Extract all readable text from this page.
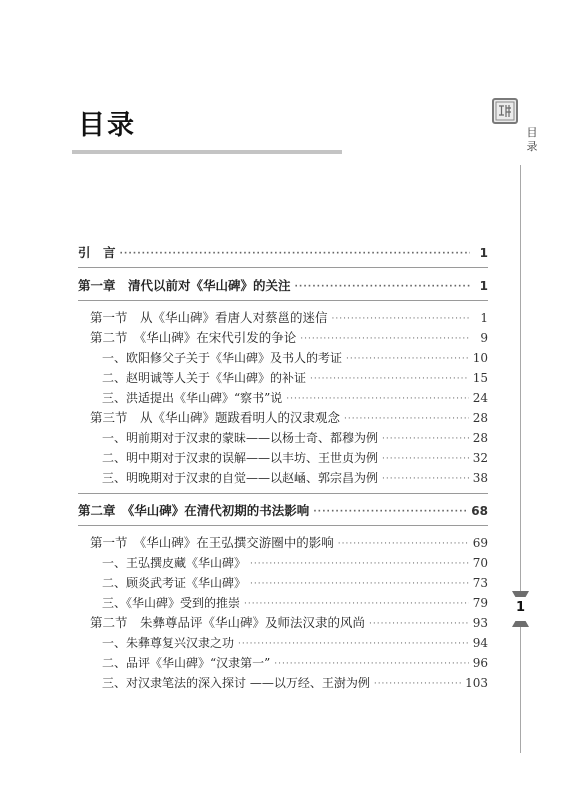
目录	目录
1
引　言 ·····	1
第一章　清代以前对《华山碑》的关注 ·····	1
第一节　从《华山碑》看唐人对蔡邕的迷信 ·····	1
第二节　《华山碑》在宋代引发的争论 ·····	9
一、欧阳修父子关于《华山碑》及书人的考证 ·····	10
二、赵明诚等人关于《华山碑》的补证 ·····	15
三、洪适提出《华山碑》“察书”说 ·····	24
第三节　从《华山碑》题跋看明人的汉隶观念 ·····	28
一、明前期对于汉隶的蒙昧——以杨士奇、都穆为例 ·····	28
二、明中期对于汉隶的误解——以丰坊、王世贞为例 ·····	32
三、明晚期对于汉隶的自觉——以赵崡、郭宗昌为例 ·····	38
第二章　《华山碑》在清代初期的书法影响 ·····	68
第一节　《华山碑》在王弘撰交游圈中的影响 ·····	69
一、王弘撰皮藏《华山碑》 ·····	70
二、顾炎武考证《华山碑》 ·····	73
三、《华山碑》受到的推崇 ·····	79
第二节　朱彝尊品评《华山碑》及师法汉隶的风尚 ·····	93
一、朱彝尊复兴汉隶之功 ·····	94
二、品评《华山碑》“汉隶第一” ·····	96
三、对汉隶笔法的深入探讨 ——以万经、王澍为例 ·····	103
